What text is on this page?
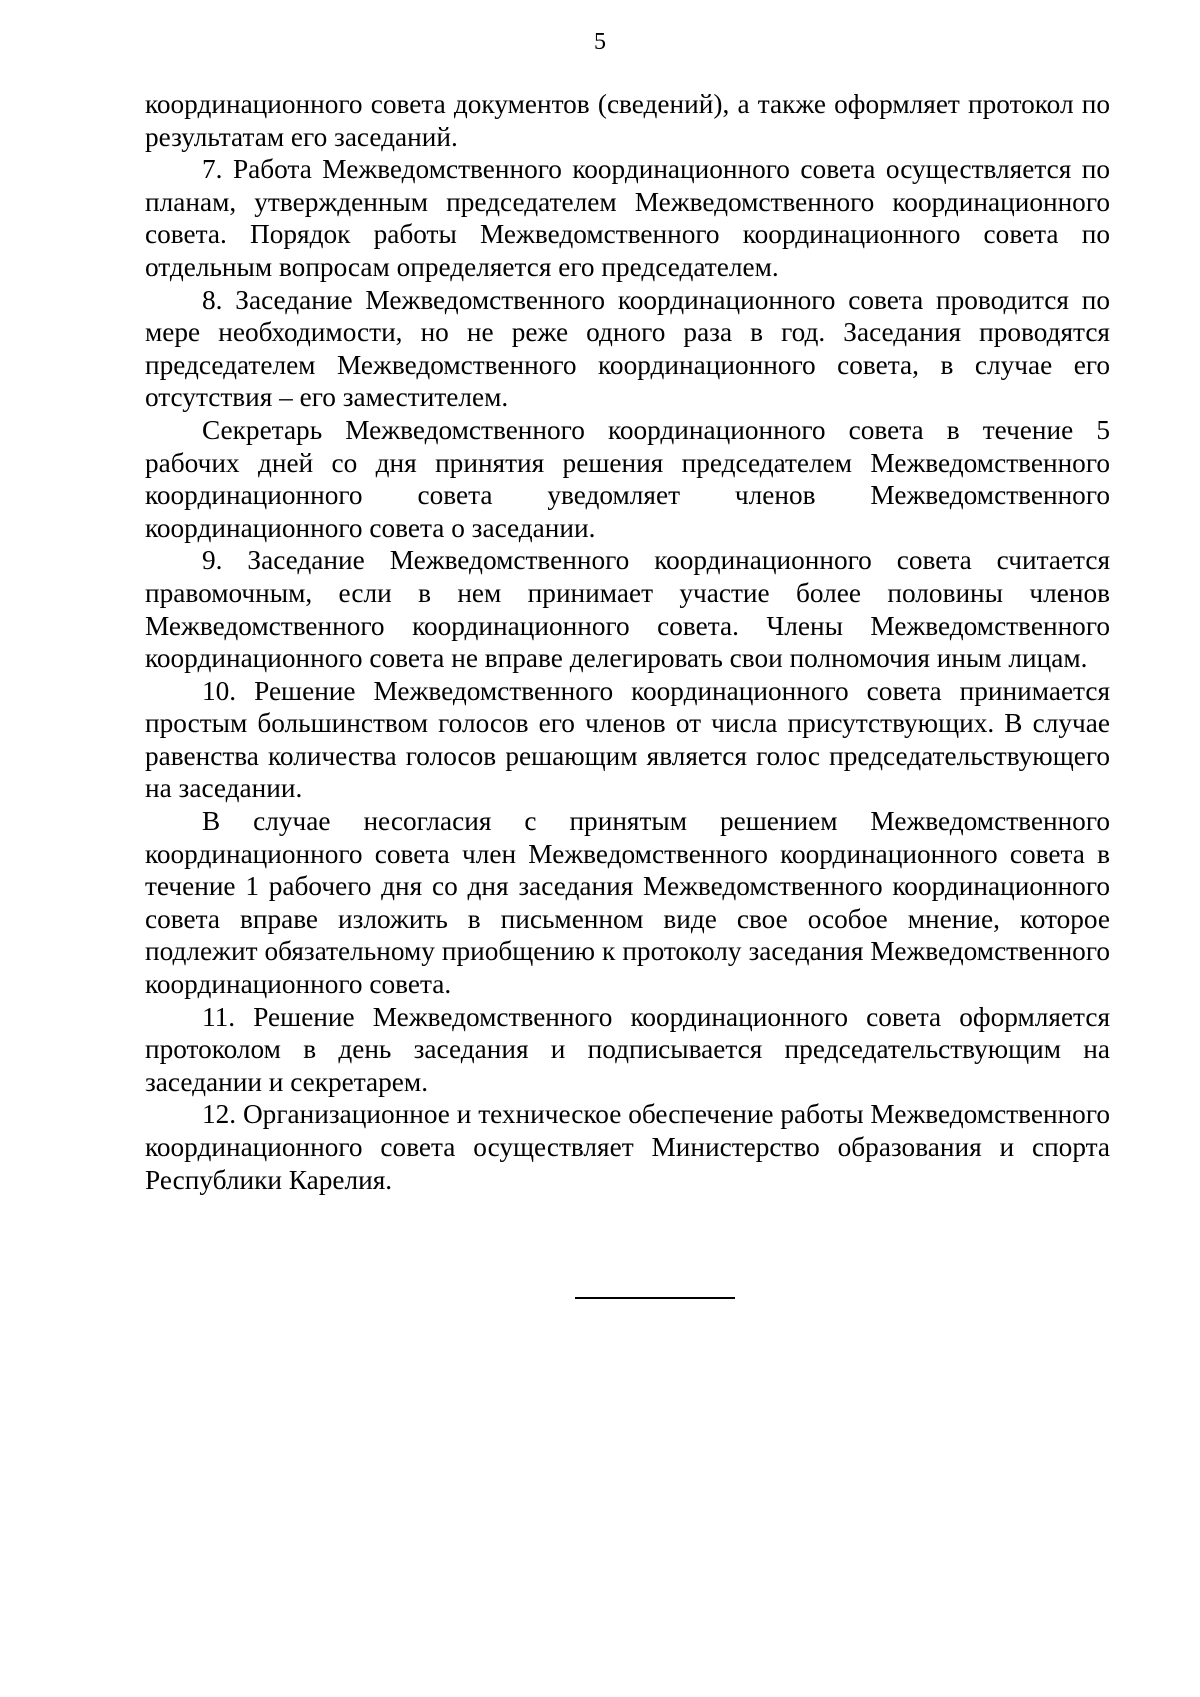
5

координационного совета документов (сведений), а также оформляет протокол по результатам его заседаний.

7. Работа Межведомственного координационного совета осуществляется по планам, утвержденным председателем Межведомственного координационного совета. Порядок работы Межведомственного координационного совета по отдельным вопросам определяется его председателем.

8. Заседание Межведомственного координационного совета проводится по мере необходимости, но не реже одного раза в год. Заседания проводятся председателем Межведомственного координационного совета, в случае его отсутствия – его заместителем.

Секретарь Межведомственного координационного совета в течение 5 рабочих дней со дня принятия решения председателем Межведомственного координационного совета уведомляет членов Межведомственного координационного совета о заседании.

9. Заседание Межведомственного координационного совета считается правомочным, если в нем принимает участие более половины членов Межведомственного координационного совета. Члены Межведомственного координационного совета не вправе делегировать свои полномочия иным лицам.

10. Решение Межведомственного координационного совета принимается простым большинством голосов его членов от числа присутствующих. В случае равенства количества голосов решающим является голос председательствующего на заседании.

В случае несогласия с принятым решением Межведомственного координационного совета член Межведомственного координационного совета в течение 1 рабочего дня со дня заседания Межведомственного координационного совета вправе изложить в письменном виде свое особое мнение, которое подлежит обязательному приобщению к протоколу заседания Межведомственного координационного совета.

11. Решение Межведомственного координационного совета оформляется протоколом в день заседания и подписывается председательствующим на заседании и секретарем.

12. Организационное и техническое обеспечение работы Межведомственного координационного совета осуществляет Министерство образования и спорта Республики Карелия.
